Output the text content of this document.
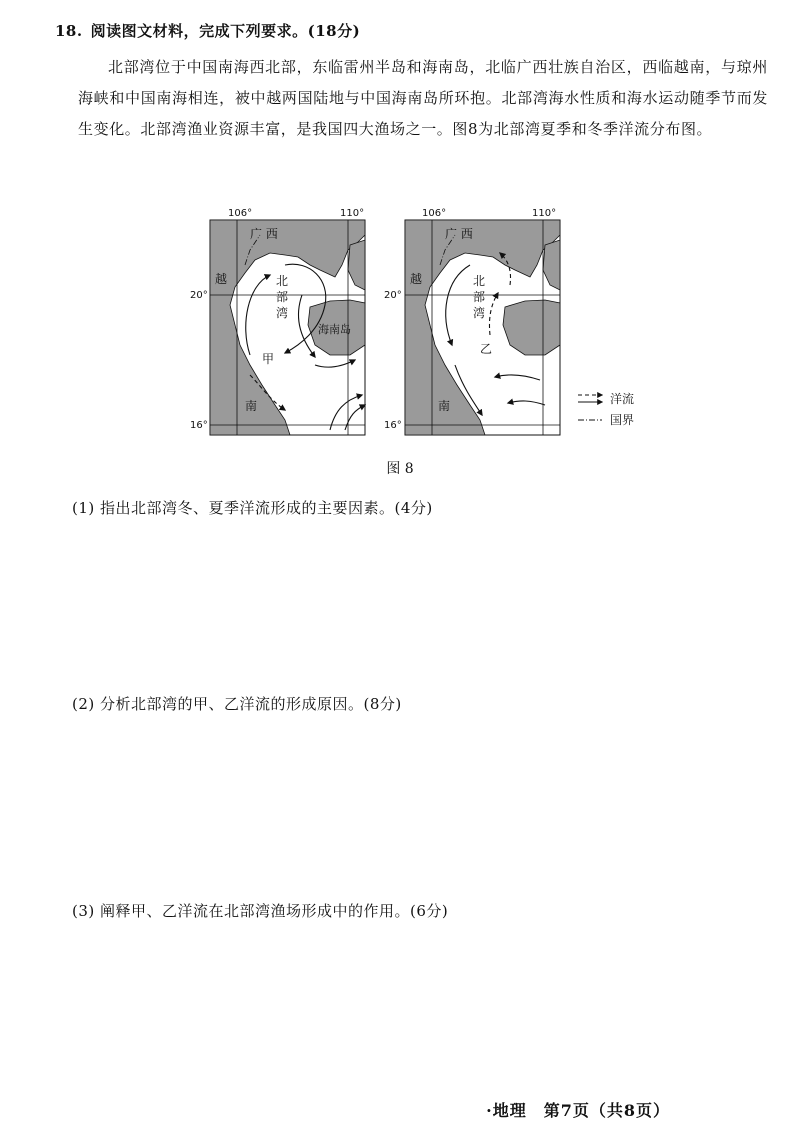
18. 阅读图文材料，完成下列要求。(18分)
北部湾位于中国南海西北部，东临雷州半岛和海南岛，北临广西壮族自治区，西临越南，与琼州海峡和中国南海相连，被中越两国陆地与中国海南岛所环抱。北部湾海水性质和海水运动随季节而发生变化。北部湾渔业资源丰富，是我国四大渔场之一。图8为北部湾夏季和冬季洋流分布图。
106°	110°
20°
16°
广 西
越
南
北
部
湾
海南岛
甲
106°	110°
20°
16°
广 西
越
南
北
部
湾
乙
洋流
国界
图 8
(1) 指出北部湾冬、夏季洋流形成的主要因素。(4分)
(2) 分析北部湾的甲、乙洋流的形成原因。(8分)
(3) 阐释甲、乙洋流在北部湾渔场形成中的作用。(6分)
·地理　第7页（共8页）
